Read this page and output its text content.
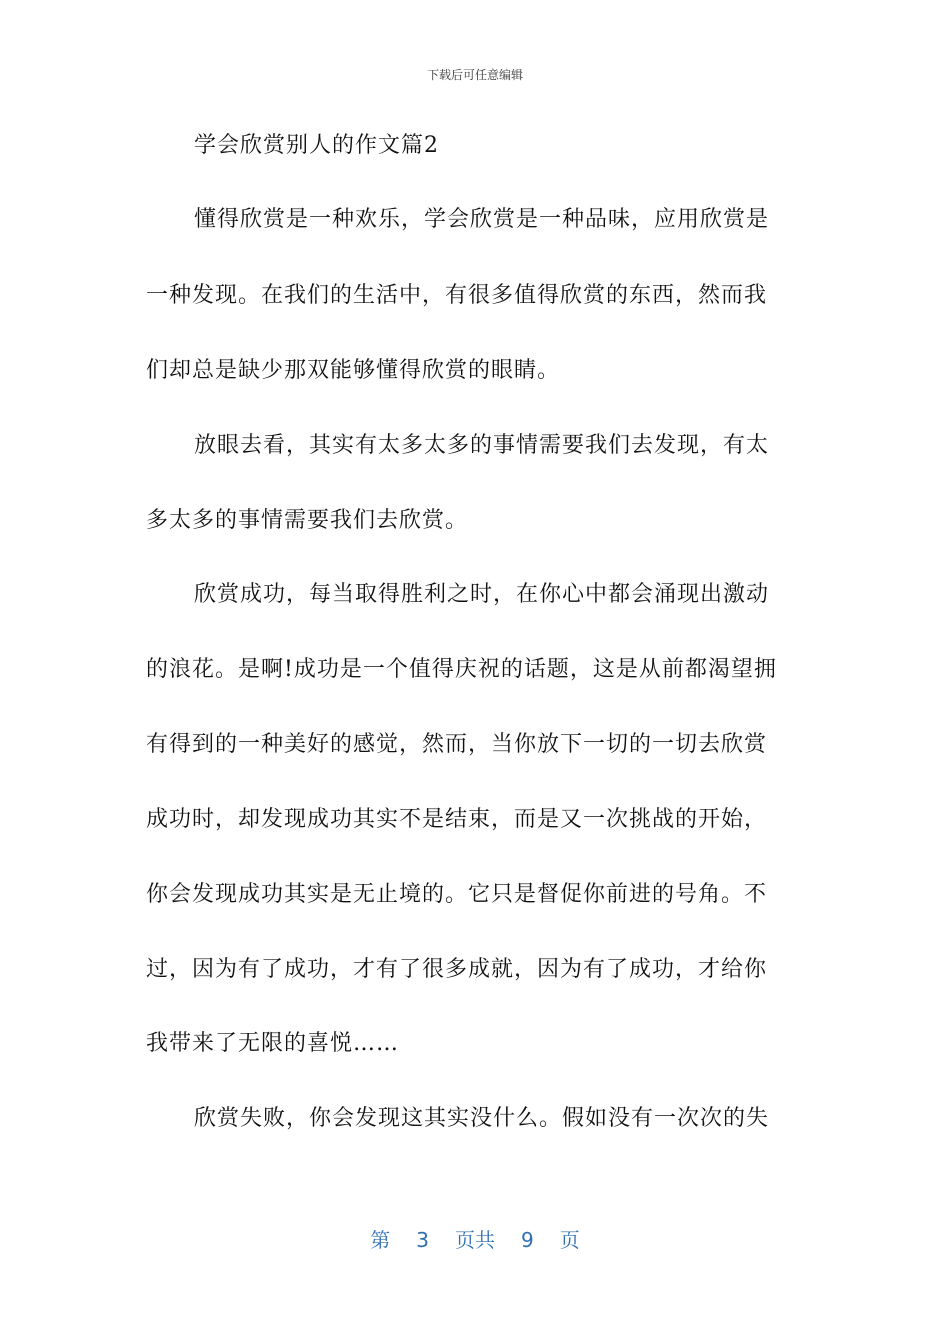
下载后可任意编辑
学会欣赏别人的作文篇2
懂得欣赏是一种欢乐，学会欣赏是一种品味，应用欣赏是
一种发现。在我们的生活中，有很多值得欣赏的东西，然而我
们却总是缺少那双能够懂得欣赏的眼睛。
放眼去看，其实有太多太多的事情需要我们去发现，有太
多太多的事情需要我们去欣赏。
欣赏成功，每当取得胜利之时，在你心中都会涌现出激动
的浪花。是啊!成功是一个值得庆祝的话题，这是从前都渴望拥
有得到的一种美好的感觉，然而，当你放下一切的一切去欣赏
成功时，却发现成功其实不是结束，而是又一次挑战的开始，
你会发现成功其实是无止境的。它只是督促你前进的号角。不
过，因为有了成功，才有了很多成就，因为有了成功，才给你
我带来了无限的喜悦……
欣赏失败，你会发现这其实没什么。假如没有一次次的失
第 3 页共 9 页
